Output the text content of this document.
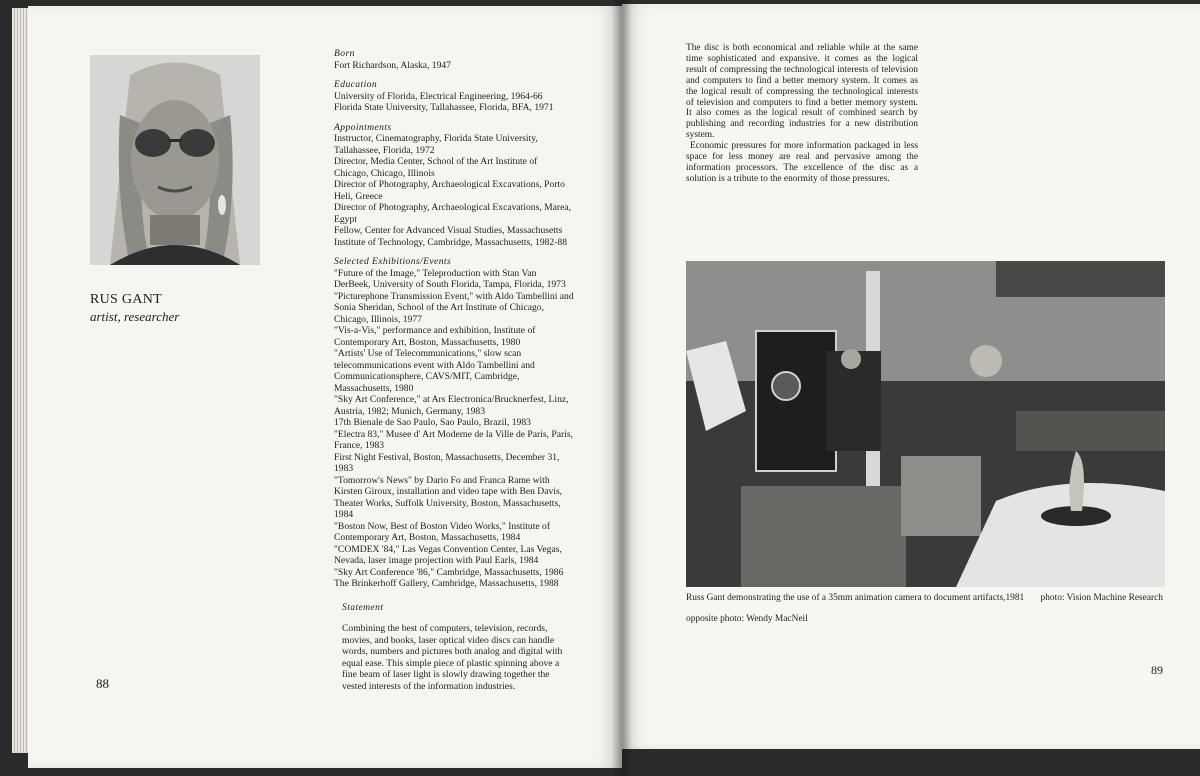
RUS GANT
artist, researcher
88
Born

Fort Richardson, Alaska, 1947

Education

University of Florida, Electrical Engineering, 1964-66

Florida State University, Tallahassee, Florida, BFA, 1971

Appointments

Instructor, Cinematography, Florida State University, Tallahassee, Florida, 1972

Director, Media Center, School of the Art Institute of Chicago, Chicago, Illinois

Director of Photography, Archaeological Excavations, Porto Heli, Greece

Director of Photography, Archaeological Excavations, Marea, Egypt

Fellow, Center for Advanced Visual Studies, Massachusetts Institute of Technology, Cambridge, Massachusetts, 1982-88

Selected Exhibitions/Events

"Future of the Image," Teleproduction with Stan Van DerBeek, University of South Florida, Tampa, Florida, 1973

"Picturephone Transmission Event," with Aldo Tambellini and Sonia Sheridan, School of the Art Institute of Chicago, Chicago, Illinois, 1977

"Vis-a-Vis," performance and exhibition, Institute of Contemporary Art, Boston, Massachusetts, 1980

"Artists' Use of Telecommunications," slow scan telecommunications event with Aldo Tambellini and Communicationsphere, CAVS/MIT, Cambridge, Massachusetts, 1980

"Sky Art Conference," at Ars Electronica/Brucknerfest, Linz, Austria, 1982; Munich, Germany, 1983

17th Bienale de Sao Paulo, Sao Paulo, Brazil, 1983

"Electra 83," Musee d' Art Moderne de la Ville de Paris, Paris, France, 1983

First Night Festival, Boston, Massachusetts, December 31, 1983

"Tomorrow's News" by Dario Fo and Franca Rame with Kirsten Giroux, installation and video tape with Ben Davis, Theater Works, Suffolk University, Boston, Massachusetts, 1984

"Boston Now, Best of Boston Video Works," Institute of Contemporary Art, Boston, Massachusetts, 1984

"COMDEX '84," Las Vegas Convention Center, Las Vegas, Nevada, laser image projection with Paul Earls, 1984

"Sky Art Conference '86," Cambridge, Massachusetts, 1986

The Brinkerhoff Gallery, Cambridge, Massachusetts, 1988

Statement

Combining the best of computers, television, records, movies, and books, laser optical video discs can handle words, numbers and pictures both analog and digital with equal ease. This simple piece of plastic spinning above a fine beam of laser light is slowly drawing together the vested interests of the information industries.

The disc is both economical and reliable while at the same time sophisticated and expansive. it comes as the logical result of compressing the technological interests of television and computers to find a better memory system. It comes as the logical result of compressing the technological interests of television and computers to find a better memory system. It also comes as the logical result of combined search by publishing and recording industries for a new distribution system.

Economic pressures for more information packaged in less space for less money are real and pervasive among the information processors. The excellence of the disc as a solution is a tribute to the enormity of those pressures.

Russ Gant demonstrating the use of a 35mm animation camera to document artifacts,1981 photo: Vision Machine Research
opposite photo: Wendy MacNeil
89
